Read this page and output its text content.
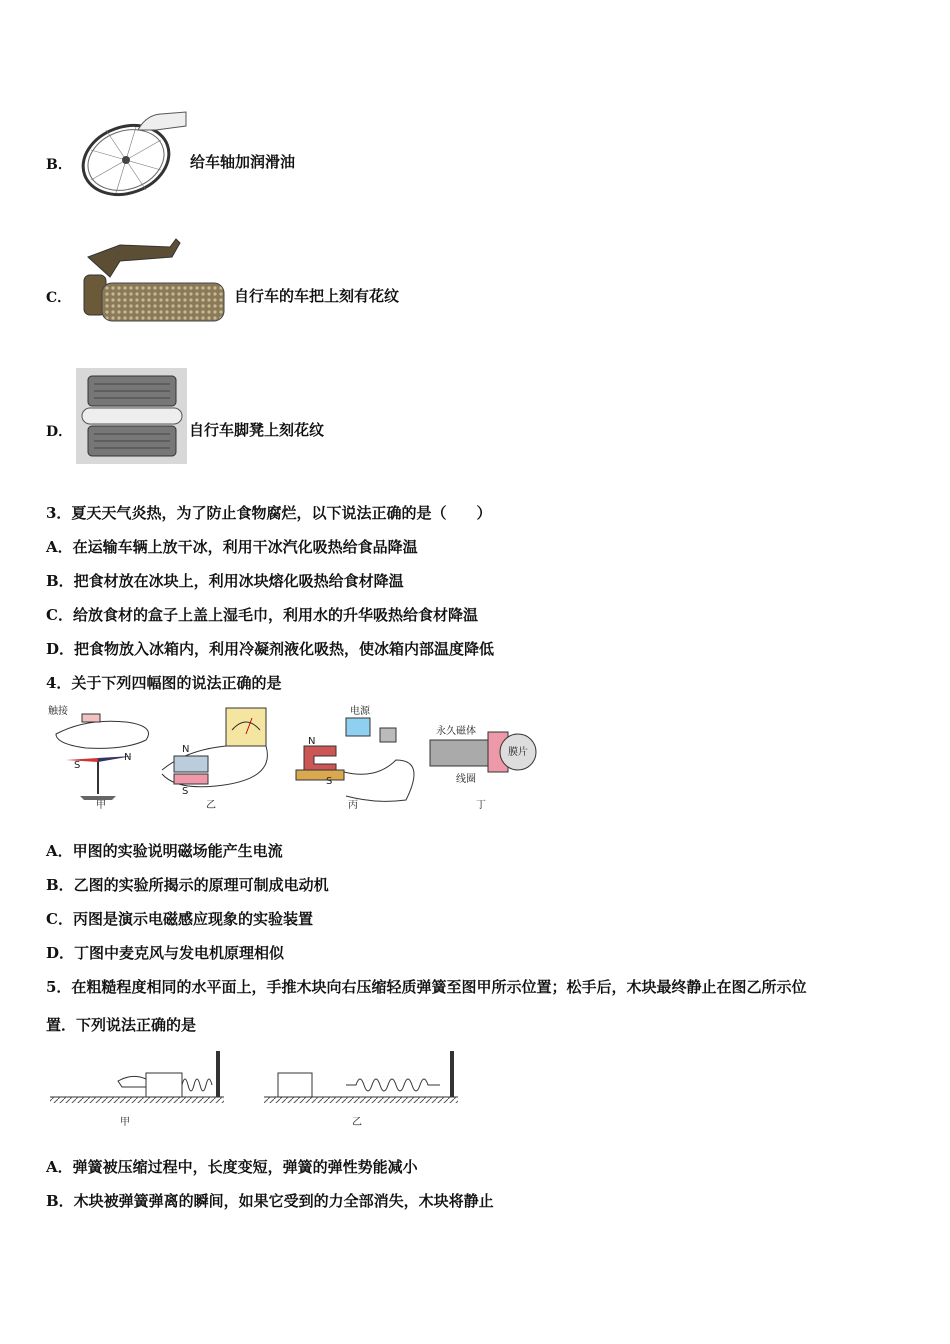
B．	给车轴加润滑油
C．	自行车的车把上刻有花纹
D．	自行车脚凳上刻花纹
3．夏天天气炎热，为了防止食物腐烂，以下说法正确的是（　　）
A．在运输车辆上放干冰，利用干冰汽化吸热给食品降温
B．把食材放在冰块上，利用冰块熔化吸热给食材降温
C．给放食材的盒子上盖上湿毛巾，利用水的升华吸热给食材降温
D．把食物放入冰箱内，利用冷凝剂液化吸热，使冰箱内部温度降低
4．关于下列四幅图的说法正确的是
触接
S
N
甲
N
S
乙
电源
N
S
丙
永久磁体
膜片
线圈
丁
A．甲图的实验说明磁场能产生电流
B．乙图的实验所揭示的原理可制成电动机
C．丙图是演示电磁感应现象的实验装置
D．丁图中麦克风与发电机原理相似
5．在粗糙程度相同的水平面上，手推木块向右压缩轻质弹簧至图甲所示位置；松手后，木块最终静止在图乙所示位
置．下列说法正确的是
甲	乙
A．弹簧被压缩过程中，长度变短，弹簧的弹性势能减小
B．木块被弹簧弹离的瞬间，如果它受到的力全部消失，木块将静止
